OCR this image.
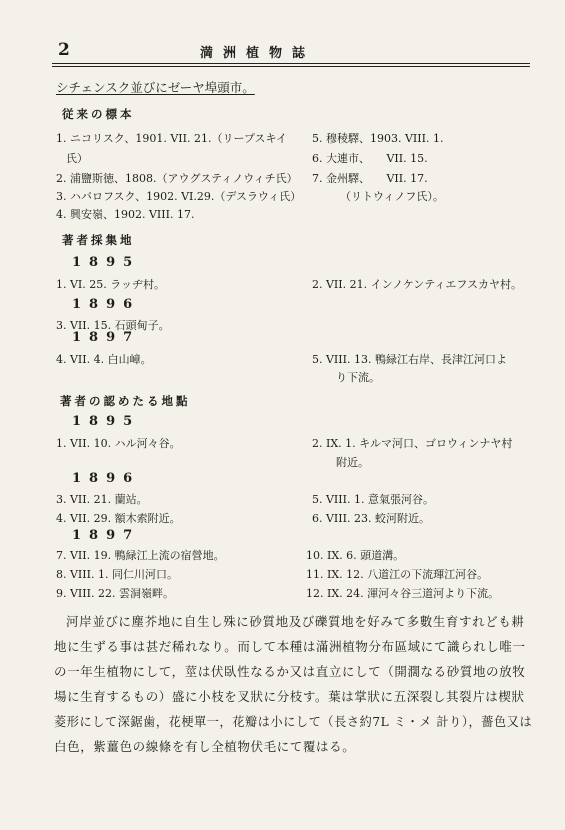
2	満洲植物誌
シチェンスク並びにゼーヤ埠頭市。
従来の標本
1. ニコリスク、1901. VII. 21.（リープスキイ
氏）
2. 浦鹽斯徳、1808.（アウグスティノウィチ氏）
3. ハバロフスク、1902. VI.29.（デスラウィ氏）
4. 興安嶺、1902. VIII. 17.
5. 穆稜驛、1903. VIII. 1.
6. 大連市、　　VII. 15.
7. 金州驛、　　VII. 17.
（リトウィノフ氏）。
著者採集地
1895
1. VI. 25. ラッヂ村。	2. VII. 21. インノケンティエフスカヤ村。
1896
3. VII. 15. 石頭甸子。
1897
4. VII. 4. 白山嶂。	5. VIII. 13. 鴨緑江右岸、長津江河口よ
り下流。
著者の認めたる地點
1895
1. VII. 10. ハル河々谷。	2. IX. 1. キルマ河口、ゴロウィンナヤ村
附近。
1896
3. VII. 21. 蘭站。	5. VIII. 1. 意氣張河谷。
4. VII. 29. 額木索附近。	6. VIII. 23. 蛟河附近。
1897
7. VII. 19. 鴨緑江上流の宿營地。	10. IX. 6. 頭道溝。
8. VIII. 1. 同仁川河口。	11. IX. 12. 八道江の下流琿江河谷。
9. VIII. 22. 雲洞嶺畔。	12. IX. 24. 渾河々谷三道河より下流。
河岸並びに塵芥地に自生し殊に砂質地及び礫質地を好みて多數生育すれども耕
地に生ずる事は甚だ稀れなり。而して本種は滿洲植物分布區域にて識られし唯一
の一年生植物にして，莖は伏臥性なるか又は直立にして（開濶なる砂質地の放牧
場に生育するもの）盛に小枝を叉狀に分枝す。葉は掌狀に五深裂し其裂片は楔狀
菱形にして深鋸歯，花梗單一，花瓣は小にして（長さ約7L ミ・メ 計り），薔色又は
白色，紫薑色の線條を有し全植物伏毛にて覆はる。
